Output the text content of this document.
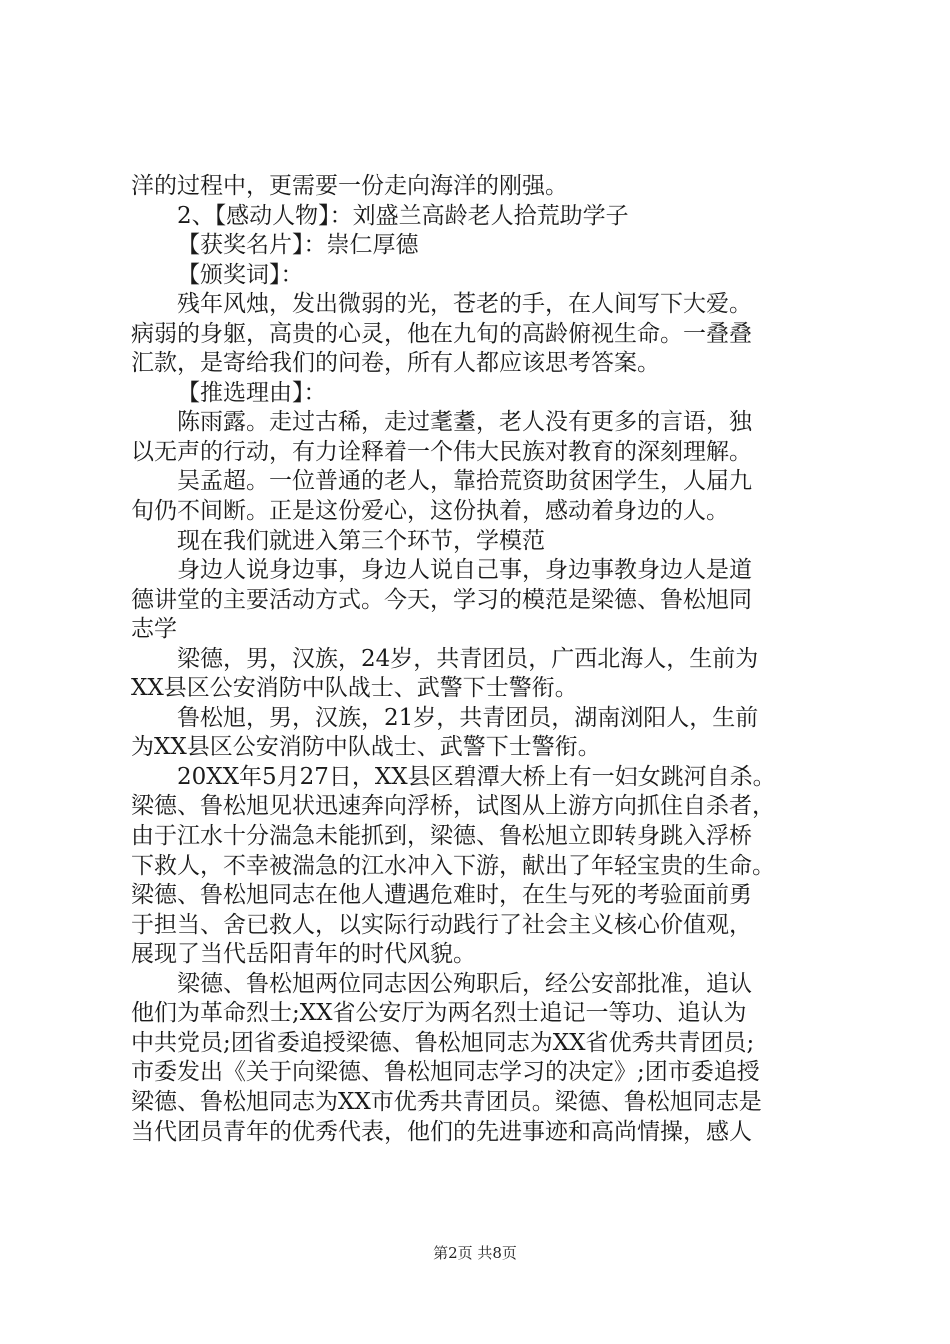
洋的过程中，更需要一份走向海洋的刚强。
2、【感动人物】：刘盛兰高龄老人拾荒助学子
【获奖名片】：崇仁厚德
【颁奖词】：
残年风烛，发出微弱的光，苍老的手，在人间写下大爱。
病弱的身躯，高贵的心灵，他在九旬的高龄俯视生命。一叠叠
汇款，是寄给我们的问卷，所有人都应该思考答案。
【推选理由】：
陈雨露。走过古稀，走过耄耋，老人没有更多的言语，独
以无声的行动，有力诠释着一个伟大民族对教育的深刻理解。
吴孟超。一位普通的老人，靠拾荒资助贫困学生，人届九
旬仍不间断。正是这份爱心，这份执着，感动着身边的人。
现在我们就进入第三个环节，学模范
身边人说身边事，身边人说自己事，身边事教身边人是道
德讲堂的主要活动方式。今天，学习的模范是梁德、鲁松旭同
志学
梁德，男，汉族，24岁，共青团员，广西北海人，生前为
XX县区公安消防中队战士、武警下士警衔。
鲁松旭，男，汉族，21岁，共青团员，湖南浏阳人，生前
为XX县区公安消防中队战士、武警下士警衔。
20XX年5月27日，XX县区碧潭大桥上有一妇女跳河自杀。
梁德、鲁松旭见状迅速奔向浮桥，试图从上游方向抓住自杀者，
由于江水十分湍急未能抓到，梁德、鲁松旭立即转身跳入浮桥
下救人，不幸被湍急的江水冲入下游，献出了年轻宝贵的生命。
梁德、鲁松旭同志在他人遭遇危难时，在生与死的考验面前勇
于担当、舍已救人，以实际行动践行了社会主义核心价值观，
展现了当代岳阳青年的时代风貌。
梁德、鲁松旭两位同志因公殉职后，经公安部批准，追认
他们为革命烈士;XX省公安厅为两名烈士追记一等功、追认为
中共党员;团省委追授梁德、鲁松旭同志为XX省优秀共青团员;
市委发出《关于向梁德、鲁松旭同志学习的决定》;团市委追授
梁德、鲁松旭同志为XX市优秀共青团员。梁德、鲁松旭同志是
当代团员青年的优秀代表，他们的先进事迹和高尚情操，感人
第2页 共8页
